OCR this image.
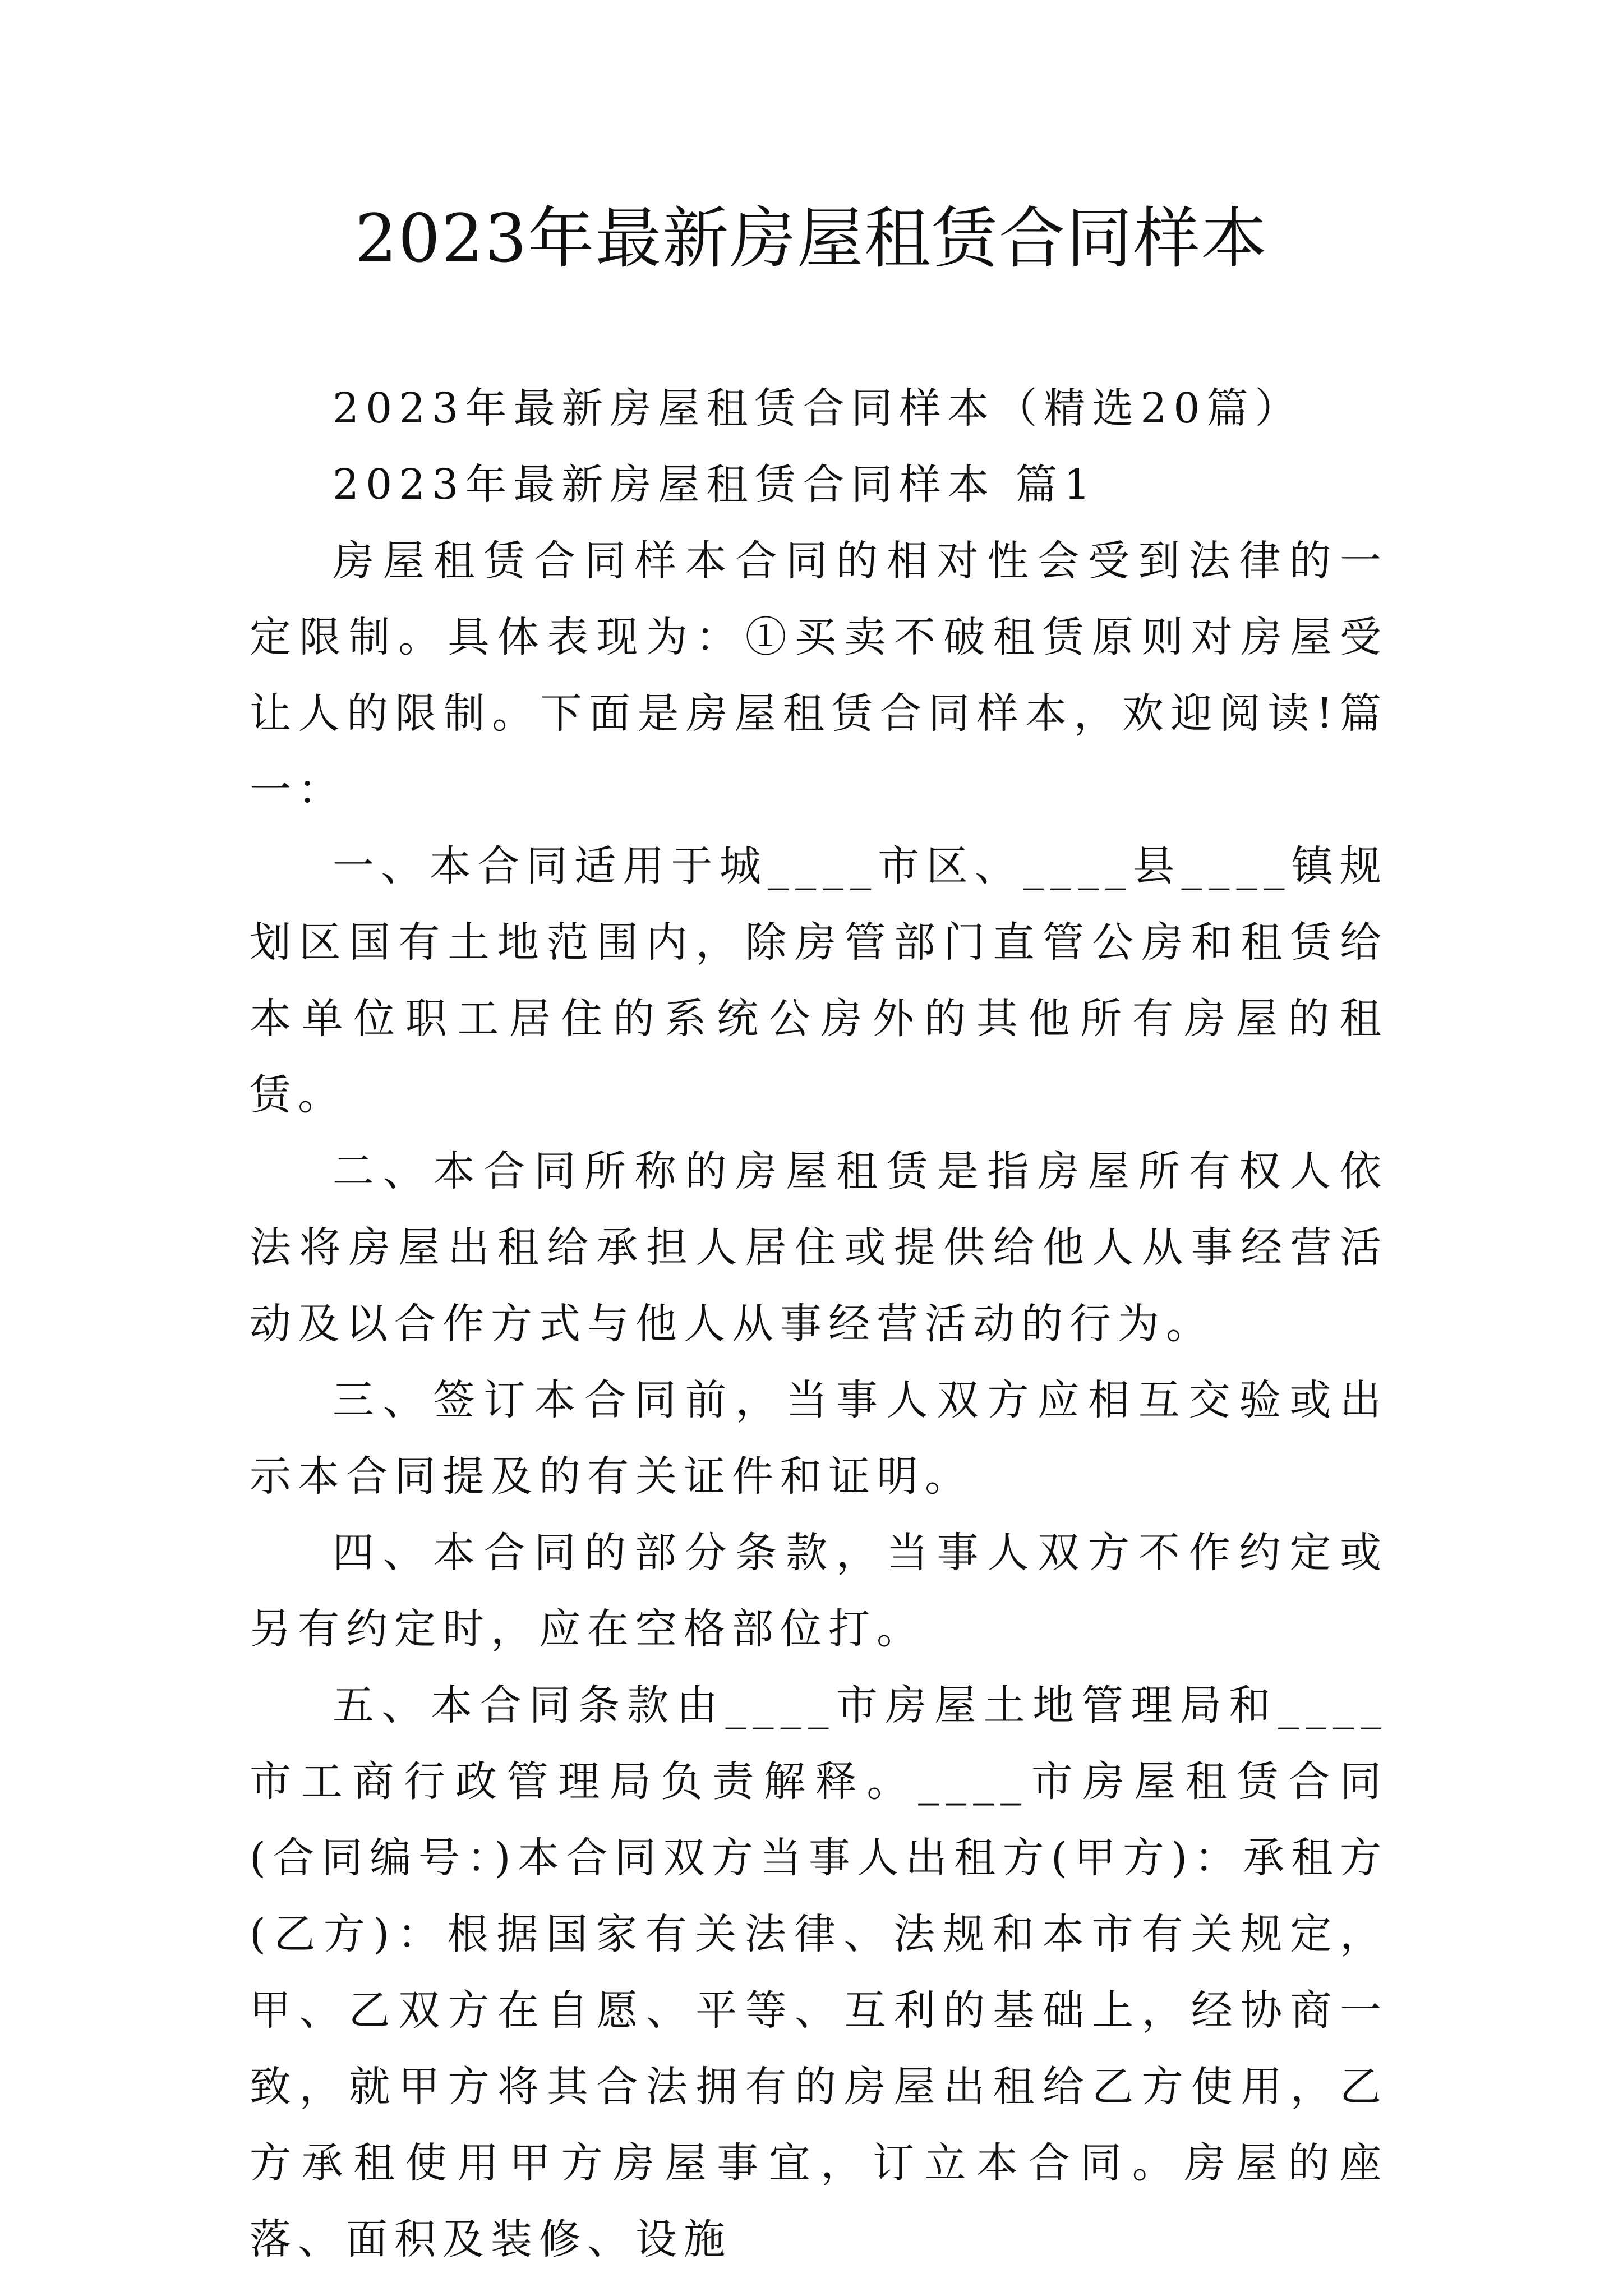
2023年最新房屋租赁合同样本

2023年最新房屋租赁合同样本（精选20篇）

2023年最新房屋租赁合同样本 篇1

房屋租赁合同样本合同的相对性会受到法律的一定限制。具体表现为：①买卖不破租赁原则对房屋受让人的限制。下面是房屋租赁合同样本，欢迎阅读!篇一：

一、本合同适用于城____市区、____县____镇规划区国有土地范围内，除房管部门直管公房和租赁给本单位职工居住的系统公房外的其他所有房屋的租赁。

二、本合同所称的房屋租赁是指房屋所有权人依法将房屋出租给承担人居住或提供给他人从事经营活动及以合作方式与他人从事经营活动的行为。

三、签订本合同前，当事人双方应相互交验或出示本合同提及的有关证件和证明。

四、本合同的部分条款，当事人双方不作约定或另有约定时，应在空格部位打。

五、本合同条款由____市房屋土地管理局和____市工商行政管理局负责解释。____市房屋租赁合同(合同编号：)本合同双方当事人出租方(甲方)：承租方(乙方)：根据国家有关法律、法规和本市有关规定，甲、乙双方在自愿、平等、互利的基础上，经协商一致，就甲方将其合法拥有的房屋出租给乙方使用，乙方承租使用甲方房屋事宜，订立本合同。房屋的座落、面积及装修、设施
